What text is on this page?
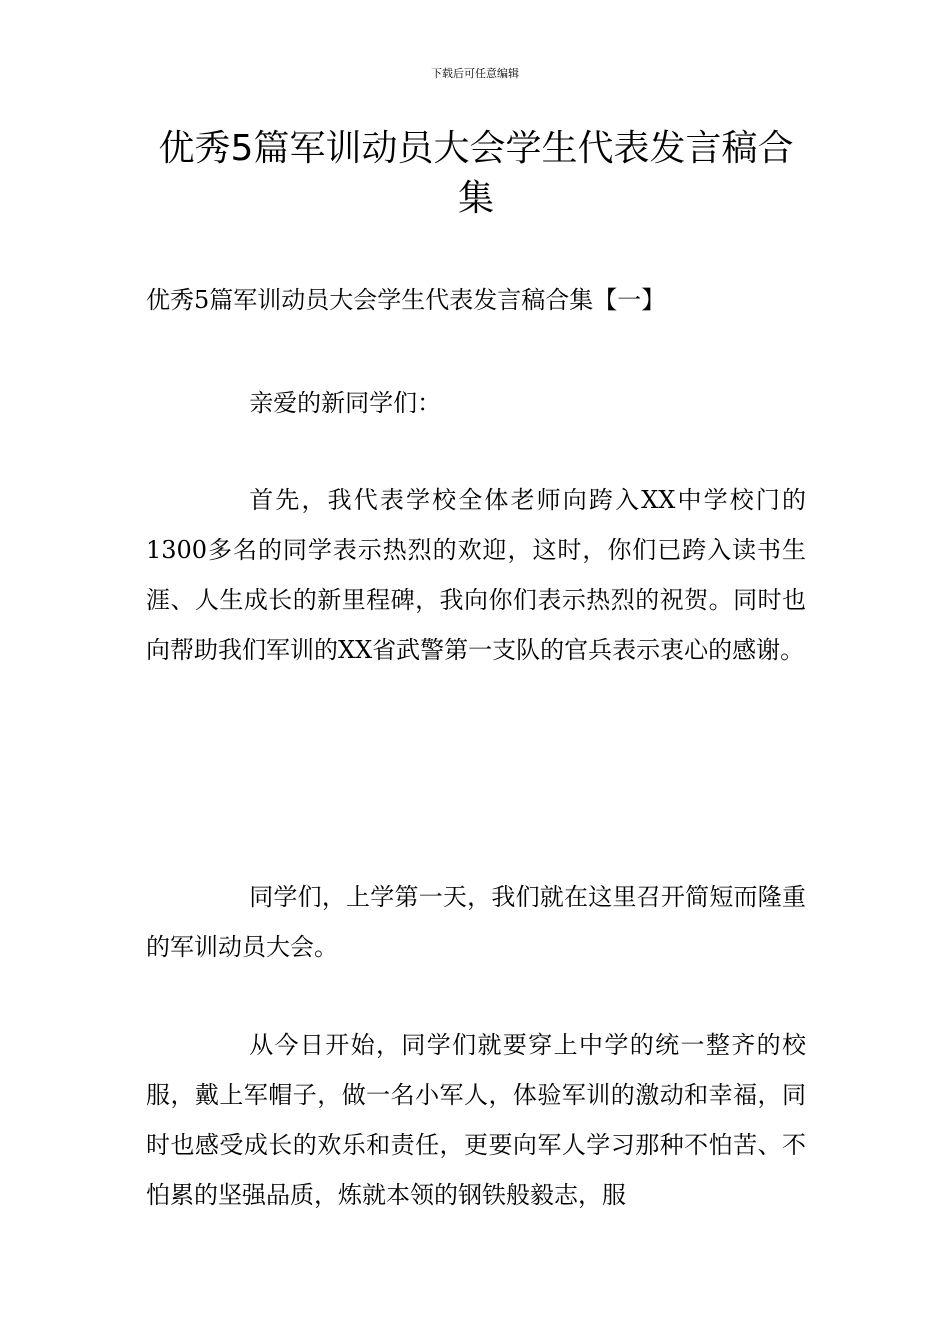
下载后可任意编辑
优秀5篇军训动员大会学生代表发言稿合集

优秀5篇军训动员大会学生代表发言稿合集【一】

亲爱的新同学们：

首先，我代表学校全体老师向跨入XX中学校门的1300多名的同学表示热烈的欢迎，这时，你们已跨入读书生涯、人生成长的新里程碑，我向你们表示热烈的祝贺。同时也向帮助我们军训的XX省武警第一支队的官兵表示衷心的感谢。

同学们，上学第一天，我们就在这里召开简短而隆重的军训动员大会。

从今日开始，同学们就要穿上中学的统一整齐的校服，戴上军帽子，做一名小军人，体验军训的激动和幸福，同时也感受成长的欢乐和责任，更要向军人学习那种不怕苦、不怕累的坚强品质，炼就本领的钢铁般毅志，服
